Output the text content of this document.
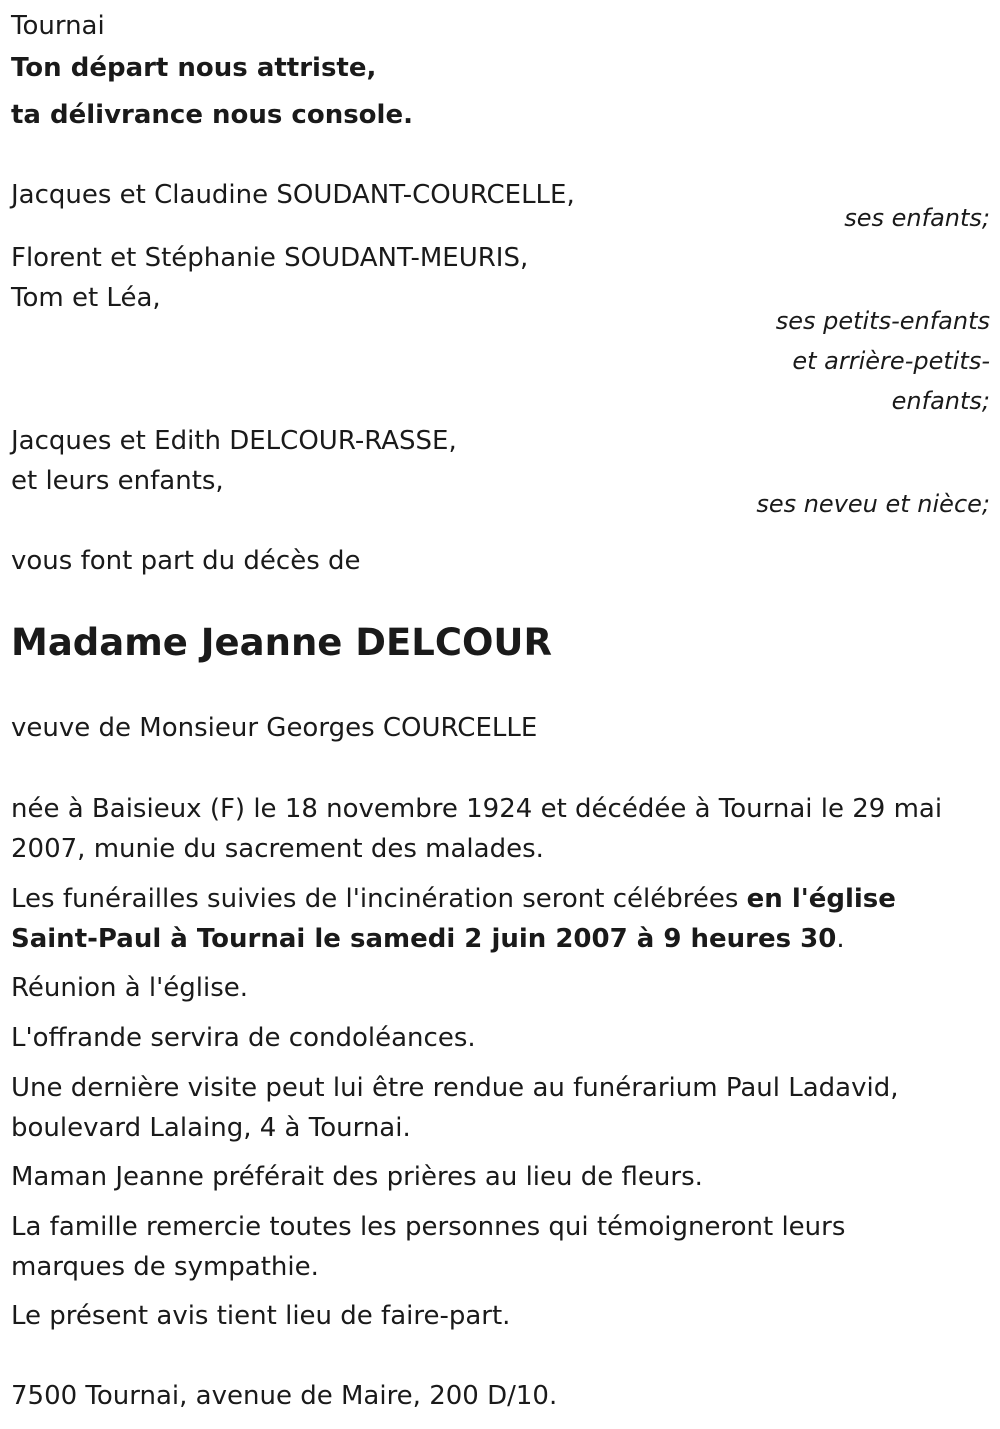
Tournai
Ton départ nous attriste,
ta délivrance nous console.
Jacques et Claudine SOUDANT-COURCELLE,
ses enfants;
Florent et Stéphanie SOUDANT-MEURIS,
Tom et Léa,
ses petits-enfants
et arrière-petits-
enfants;
Jacques et Edith DELCOUR-RASSE,
et leurs enfants,
ses neveu et nièce;
vous font part du décès de
Madame Jeanne DELCOUR
veuve de Monsieur Georges COURCELLE
née à Baisieux (F) le 18 novembre 1924 et décédée à Tournai le 29 mai
2007, munie du sacrement des malades.
Les funérailles suivies de l'incinération seront célébrées en l'église
Saint-Paul à Tournai le samedi 2 juin 2007 à 9 heures 30.
Réunion à l'église.
L'offrande servira de condoléances.
Une dernière visite peut lui être rendue au funérarium Paul Ladavid,
boulevard Lalaing, 4 à Tournai.
Maman Jeanne préférait des prières au lieu de fleurs.
La famille remercie toutes les personnes qui témoigneront leurs
marques de sympathie.
Le présent avis tient lieu de faire-part.
7500 Tournai, avenue de Maire, 200 D/10.
